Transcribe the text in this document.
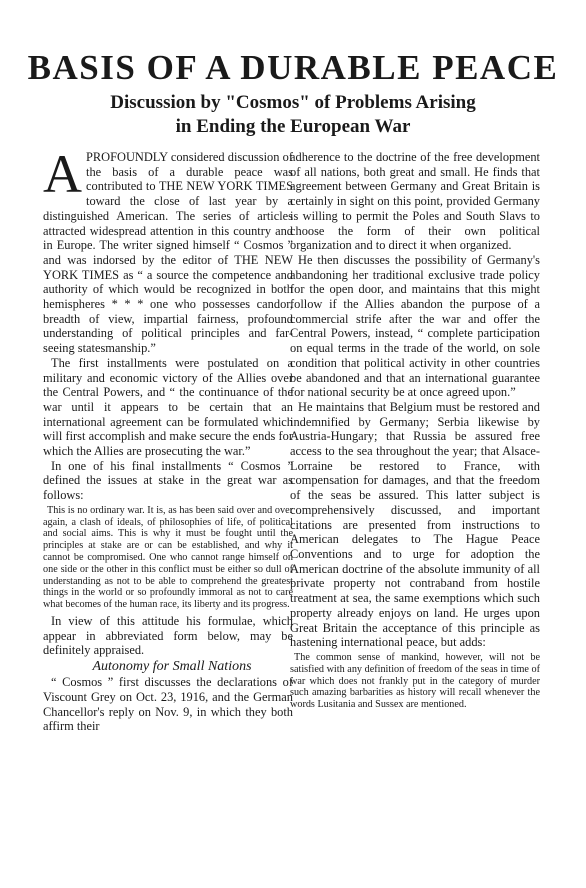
BASIS OF A DURABLE PEACE
Discussion by "Cosmos" of Problems Arising
in Ending the European War

A PROFOUNDLY considered discussion of the basis of a durable peace was contributed to THE NEW YORK TIMES toward the close of last year by a distinguished American. The series of articles attracted widespread attention in this country and in Europe. The writer signed himself “ Cosmos ” and was indorsed by the editor of THE NEW YORK TIMES as “ a source the competence and authority of which would be recognized in both hemispheres * * * one who possesses candor, breadth of view, impartial fairness, profound understanding of political principles and far-seeing statesmanship.”

The first installments were postulated on a military and economic victory of the Allies over the Central Powers, and “ the continuance of the war until it appears to be certain that an international agreement can be formulated which will first accomplish and make secure the ends for which the Allies are prosecuting the war.”

In one of his final installments “ Cosmos ” defined the issues at stake in the great war as follows:

This is no ordinary war. It is, as has been said over and over again, a clash of ideals, of philosophies of life, of political and social aims. This is why it must be fought until the principles at stake are or can be established, and why it cannot be compromised. One who cannot range himself on one side or the other in this conflict must be either so dull of understanding as not to be able to comprehend the greatest things in the world or so profoundly immoral as not to care what becomes of the human race, its liberty and its progress.

In view of this attitude his formulae, which appear in abbreviated form below, may be definitely appraised.

Autonomy for Small Nations

“ Cosmos ” first discusses the declarations of Viscount Grey on Oct. 23, 1916, and the German Chancellor's reply on Nov. 9, in which they both affirm their

adherence to the doctrine of the free development of all nations, both great and small. He finds that agreement between Germany and Great Britain is certainly in sight on this point, provided Germany is willing to permit the Poles and South Slavs to choose the form of their own political organization and to direct it when organized.

He then discusses the possibility of Germany's abandoning her traditional exclusive trade policy for the open door, and maintains that this might follow if the Allies abandon the purpose of a commercial strife after the war and offer the Central Powers, instead, “ complete participation on equal terms in the trade of the world, on sole condition that political activity in other countries be abandoned and that an international guarantee for national security be at once agreed upon.”

He maintains that Belgium must be restored and indemnified by Germany; Serbia likewise by Austria-Hungary; that Russia be assured free access to the sea throughout the year; that Alsace-Lorraine be restored to France, with compensation for damages, and that the freedom of the seas be assured. This latter subject is comprehensively discussed, and important citations are presented from instructions to American delegates to The Hague Peace Conventions and to urge for adoption the American doctrine of the absolute immunity of all private property not contraband from hostile treatment at sea, the same exemptions which such property already enjoys on land. He urges upon Great Britain the acceptance of this principle as hastening international peace, but adds:

The common sense of mankind, however, will not be satisfied with any definition of freedom of the seas in time of war which does not frankly put in the category of murder such amazing barbarities as history will recall whenever the words Lusitania and Sussex are mentioned.
